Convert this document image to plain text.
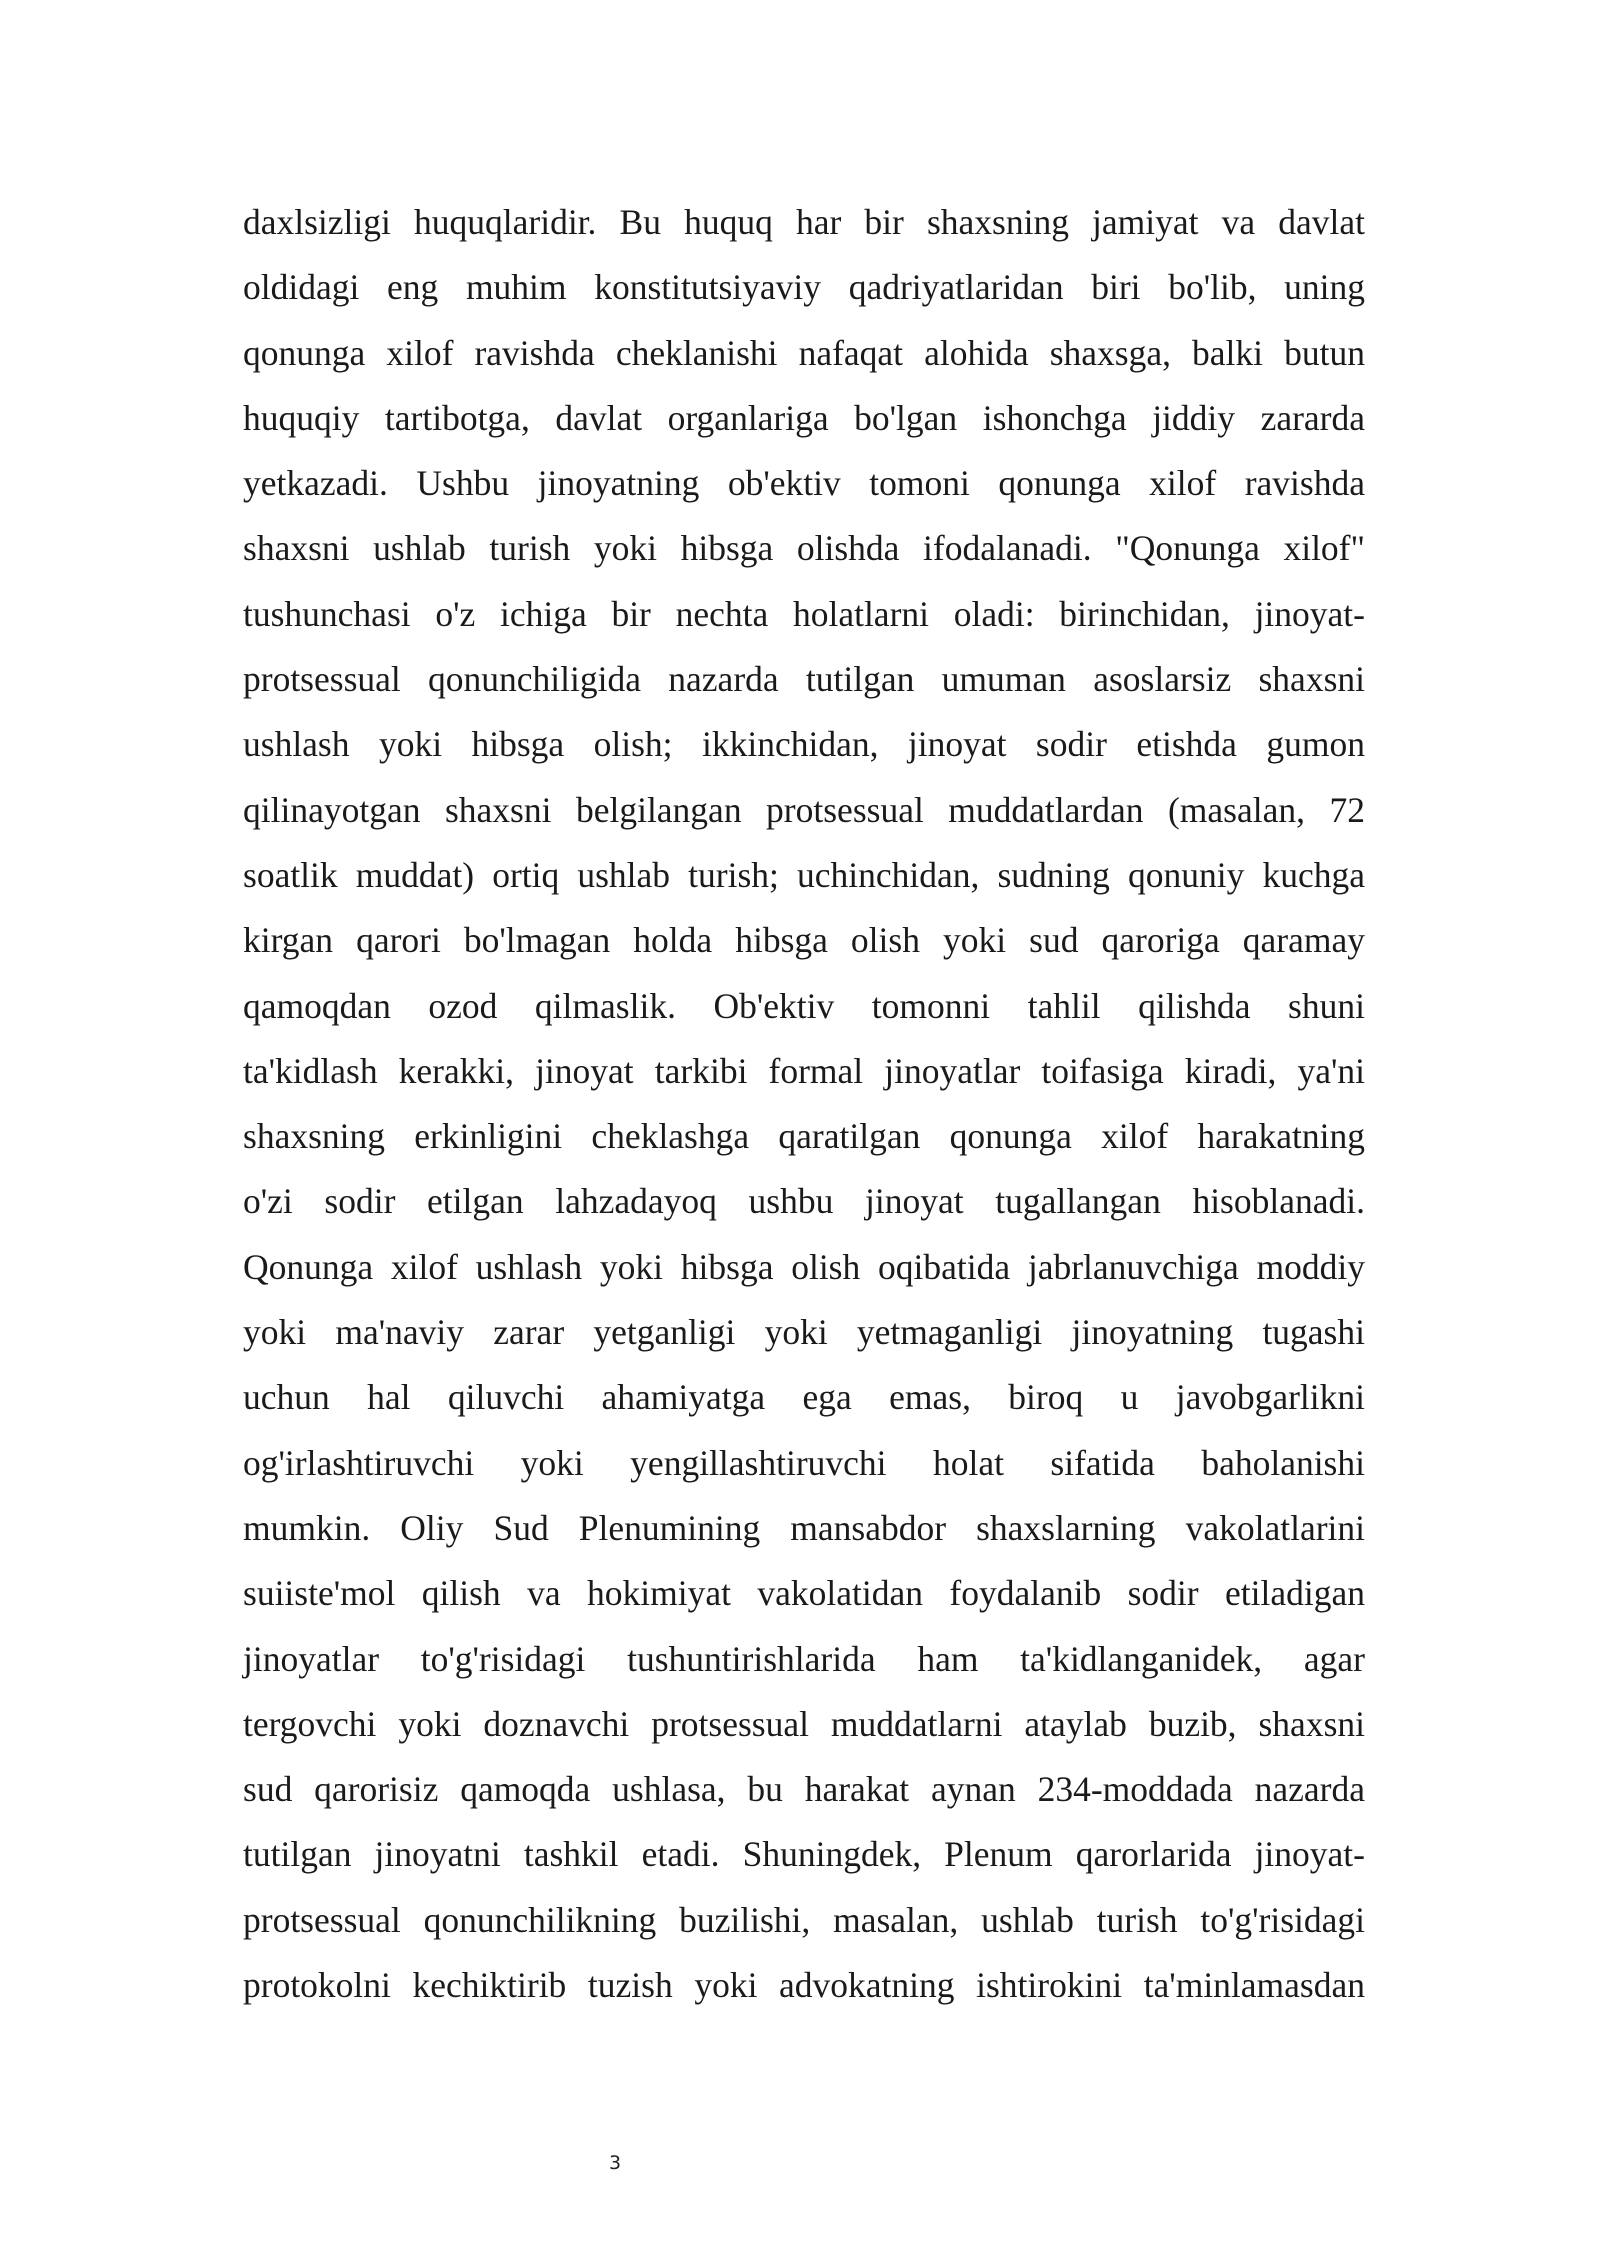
daxlsizligi huquqlaridir. Bu huquq har bir shaxsning jamiyat va davlat
oldidagi eng muhim konstitutsiyaviy qadriyatlaridan biri bo'lib, uning
qonunga xilof ravishda cheklanishi nafaqat alohida shaxsga, balki butun
huquqiy tartibotga, davlat organlariga bo'lgan ishonchga jiddiy zararda
yetkazadi. Ushbu jinoyatning ob'ektiv tomoni qonunga xilof ravishda
shaxsni ushlab turish yoki hibsga olishda ifodalanadi. "Qonunga xilof"
tushunchasi o'z ichiga bir nechta holatlarni oladi: birinchidan, jinoyat-
protsessual qonunchiligida nazarda tutilgan umuman asoslarsiz shaxsni
ushlash yoki hibsga olish; ikkinchidan, jinoyat sodir etishda gumon
qilinayotgan shaxsni belgilangan protsessual muddatlardan (masalan, 72
soatlik muddat) ortiq ushlab turish; uchinchidan, sudning qonuniy kuchga
kirgan qarori bo'lmagan holda hibsga olish yoki sud qaroriga qaramay
qamoqdan ozod qilmaslik. Ob'ektiv tomonni tahlil qilishda shuni
ta'kidlash kerakki, jinoyat tarkibi formal jinoyatlar toifasiga kiradi, ya'ni
shaxsning erkinligini cheklashga qaratilgan qonunga xilof harakatning
o'zi sodir etilgan lahzadayoq ushbu jinoyat tugallangan hisoblanadi.
Qonunga xilof ushlash yoki hibsga olish oqibatida jabrlanuvchiga moddiy
yoki ma'naviy zarar yetganligi yoki yetmaganligi jinoyatning tugashi
uchun hal qiluvchi ahamiyatga ega emas, biroq u javobgarlikni
og'irlashtiruvchi yoki yengillashtiruvchi holat sifatida baholanishi
mumkin. Oliy Sud Plenumining mansabdor shaxslarning vakolatlarini
suiiste'mol qilish va hokimiyat vakolatidan foydalanib sodir etiladigan
jinoyatlar to'g'risidagi tushuntirishlarida ham ta'kidlanganidek, agar
tergovchi yoki doznavchi protsessual muddatlarni ataylab buzib, shaxsni
sud qarorisiz qamoqda ushlasa, bu harakat aynan 234-moddada nazarda
tutilgan jinoyatni tashkil etadi. Shuningdek, Plenum qarorlarida jinoyat-
protsessual qonunchilikning buzilishi, masalan, ushlab turish to'g'risidagi
protokolni kechiktirib tuzish yoki advokatning ishtirokini ta'minlamasdan
3
